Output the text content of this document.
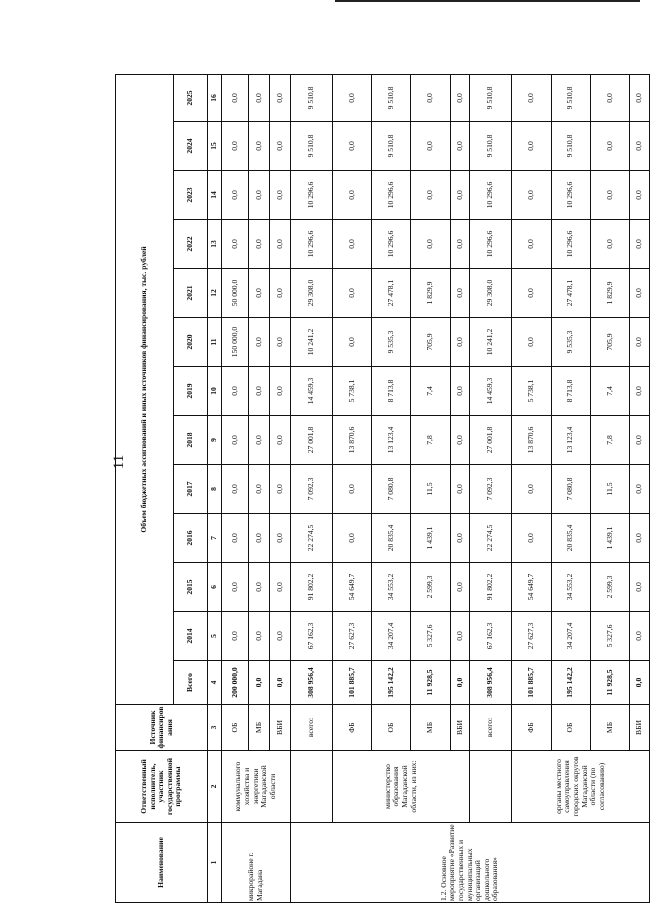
11
Наименование	Ответственный исполнитель, участник государственной программы	Источник финансирования	Объем бюджетных ассигнований и иных источников финансирования, тыс. рублей												
			Всего	2014	2015	2016	2017	2018	2019	2020	2021	2022	2023	2024	2025
1	2	3	4	5	6	7	8	9	10	11	12	13	14	15	16
микрорайоне г. Магадана	коммунального хозяйства и энергетики Магаданской области	ОБ	200 000,0	0,0	0,0	0,0	0,0	0,0	0,0	150 000,0	50 000,0	0,0	0,0	0,0	0,0
		МБ	0,0	0,0	0,0	0,0	0,0	0,0	0,0	0,0	0,0	0,0	0,0	0,0	0,0
		ВБИ	0,0	0,0	0,0	0,0	0,0	0,0	0,0	0,0	0,0	0,0	0,0	0,0	0,0
1.2. Основное мероприятие «Развитие государственных и муниципальных организаций дошкольного образования»		всего:	308 956,4	67 162,3	91 802,2	22 274,5	7 092,3	27 001,8	14 459,3	10 241,2	29 308,0	10 296,6	10 296,6	9 510,8	9 510,8
	министерство образования Магаданской области, из них:	ФБ	101 885,7	27 627,3	54 649,7	0,0	0,0	13 870,6	5 738,1	0,0	0,0	0,0	0,0	0,0	0,0
		ОБ	195 142,2	34 207,4	34 553,2	20 835,4	7 080,8	13 123,4	8 713,8	9 535,3	27 478,1	10 296,6	10 296,6	9 510,8	9 510,8
		МБ	11 928,5	5 327,6	2 599,3	1 439,1	11,5	7,8	7,4	705,9	1 829,9	0,0	0,0	0,0	0,0
		ВБИ	0,0	0,0	0,0	0,0	0,0	0,0	0,0	0,0	0,0	0,0	0,0	0,0	0,0
		всего:	308 956,4	67 162,3	91 802,2	22 274,5	7 092,3	27 001,8	14 459,3	10 241,2	29 308,0	10 296,6	10 296,6	9 510,8	9 510,8
	органы местного самоуправления городских округов Магаданской области (по согласованию)	ФБ	101 885,7	27 627,3	54 649,7	0,0	0,0	13 870,6	5 738,1	0,0	0,0	0,0	0,0	0,0	0,0
		ОБ	195 142,2	34 207,4	34 553,2	20 835,4	7 080,8	13 123,4	8 713,8	9 535,3	27 478,1	10 296,6	10 296,6	9 510,8	9 510,8
		МБ	11 928,5	5 327,6	2 599,3	1 439,1	11,5	7,8	7,4	705,9	1 829,9	0,0	0,0	0,0	0,0
		ВБИ	0,0	0,0	0,0	0,0	0,0	0,0	0,0	0,0	0,0	0,0	0,0	0,0	0,0
